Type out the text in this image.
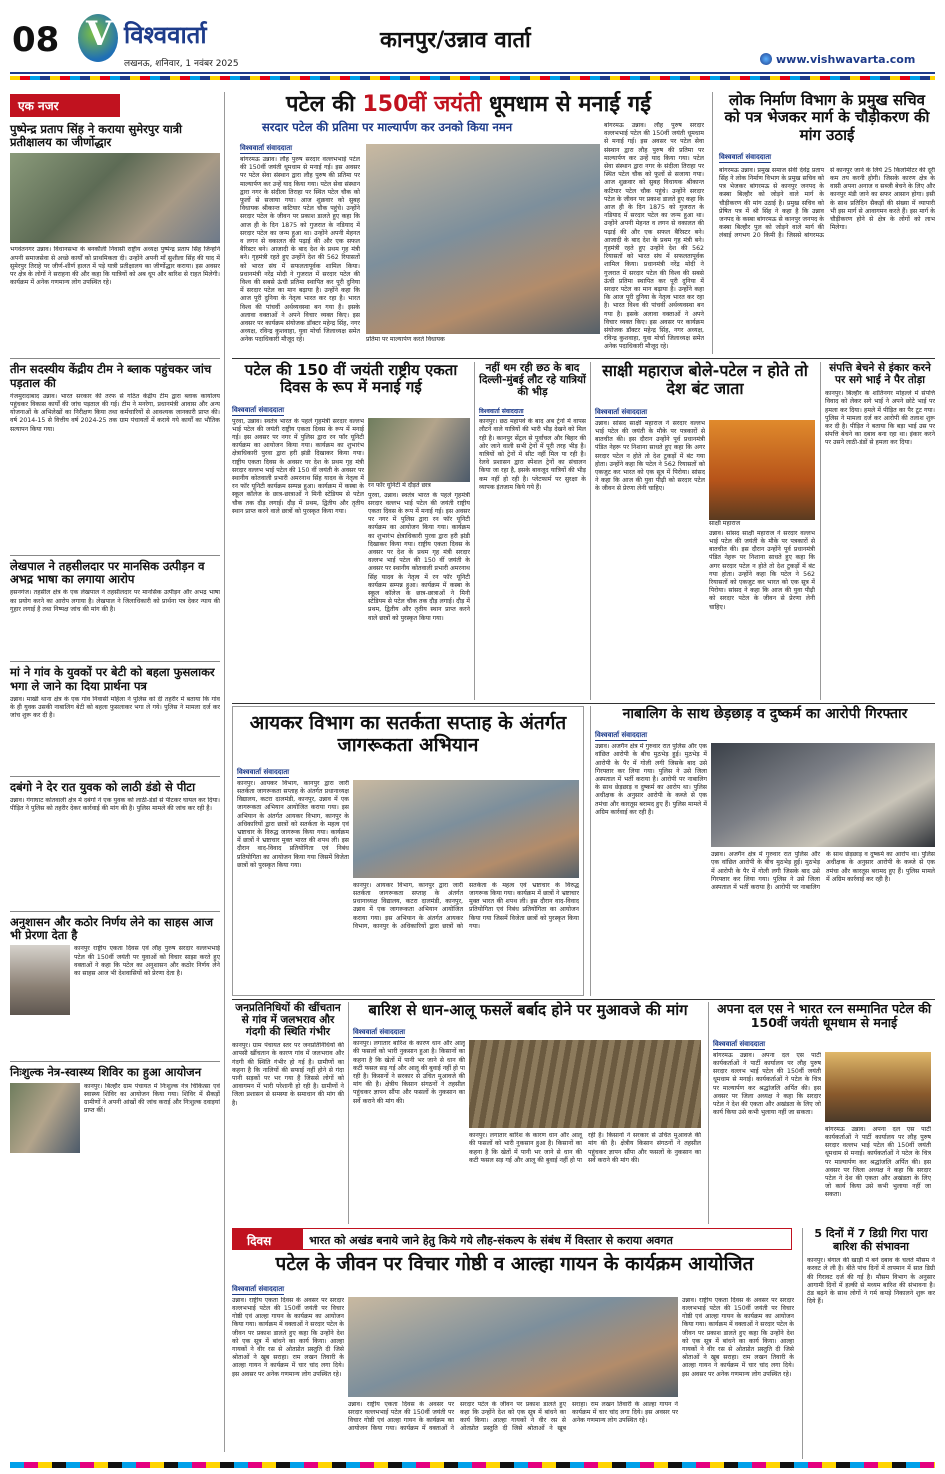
08 V विश्ववार्ता
लखनऊ, शनिवार, 1 नवंबर 2025
कानपुर/उन्नाव वार्ता
www.vishwavarta.com
एक नजर
पुष्पेन्द्र प्रताप सिंह ने कराया सुमेरपुर यात्री प्रतीक्षालय का जीर्णोद्धार
भगवंतनगर उन्नाव। विधानसभा के बनकौली निवासी राष्ट्रीय अध्यक्ष पुष्पेन्द्र प्रताप सिंह जिन्होंने अपनी समाजसेवा से अच्छे कार्यों को प्राथमिकता दी। उन्होंने अपनी माँ सुशीला सिंह की याद में सुमेरपुर तिराहे पर जीर्ण-शीर्ण हालत में पड़े यात्री प्रतीक्षालय का जीर्णोद्धार कराया। इस अवसर पर क्षेत्र के लोगों ने सराहना की और कहा कि यात्रियों को अब धूप और बारिश से राहत मिलेगी। कार्यक्रम में अनेक गणमान्य लोग उपस्थित रहे।
तीन सदस्यीय केंद्रीय टीम ने ब्लाक पहुंचकर जांच पड़ताल की
गंजमुरादाबाद उन्नाव। भारत सरकार की तरफ से गठित केंद्रीय टीम द्वारा ब्लाक कार्यालय पहुंचकर विकास कार्यों की जांच पड़ताल की गई। टीम ने मनरेगा, प्रधानमंत्री आवास और अन्य योजनाओं के अभिलेखों का निरीक्षण किया तथा कर्मचारियों से आवश्यक जानकारी प्राप्त की। वर्ष 2014-15 से वित्तीय वर्ष 2024-25 तक ग्राम पंचायतों में कराये गये कार्यों का भौतिक सत्यापन किया गया।
लेखपाल ने तहसीलदार पर मानसिक उत्पीड़न व अभद्र भाषा का लगाया आरोप
हसनगंज। तहसील क्षेत्र के एक लेखपाल ने तहसीलदार पर मानसिक उत्पीड़न और अभद्र भाषा का प्रयोग करने का आरोप लगाया है। लेखपाल ने जिलाधिकारी को प्रार्थना पत्र देकर न्याय की गुहार लगाई है तथा निष्पक्ष जांच की मांग की है।
मां ने गांव के युवकों पर बेटी को बहला फुसलाकर भगा ले जाने का दिया प्रार्थना पत्र
उन्नाव। माखी थाना क्षेत्र के एक गांव निवासी महिला ने पुलिस को दी तहरीर में बताया कि गांव के ही युवक उसकी नाबालिग बेटी को बहला फुसलाकर भगा ले गये। पुलिस ने मामला दर्ज कर जांच शुरू कर दी है।
दबंगो ने देर रात युवक को लाठी डंडो से पीटा
उन्नाव। गंगाघाट कोतवाली क्षेत्र में दबंगों ने एक युवक को लाठी-डंडों से पीटकर घायल कर दिया। पीड़ित ने पुलिस को तहरीर देकर कार्रवाई की मांग की है। पुलिस मामले की जांच कर रही है।
अनुशासन और कठोर निर्णय लेने का साहस आज भी प्रेरणा देता है
कानपुर राष्ट्रीय एकता दिवस एवं लौह पुरुष सरदार वल्लभभाई पटेल की 150वीं जयंती पर युवाओं को विचार साझा करते हुए वक्ताओं ने कहा कि पटेल का अनुशासन और कठोर निर्णय लेने का साहस आज भी देशवासियों को प्रेरणा देता है।
निःशुल्क नेत्र-स्वास्थ्य शिविर का हुआ आयोजन
कानपुर। बिल्हौर ग्राम पंचायत में निःशुल्क नेत्र चिकित्सा एवं स्वास्थ्य शिविर का आयोजन किया गया। शिविर में सैकड़ों ग्रामीणों ने अपनी आंखों की जांच कराई और निःशुल्क दवाइयां प्राप्त कीं।
पटेल की 150वीं जयंती धूमधाम से मनाई गई
सरदार पटेल की प्रतिमा पर माल्यार्पण कर उनको किया नमन
विश्ववार्ता संवाददाता
बांगरमऊ उन्नाव। लौह पुरुष सरदार वल्लभभाई पटेल की 150वीं जयंती धूमधाम से मनाई गई। इस अवसर पर पटेल सेवा संस्थान द्वारा लौह पुरुष की प्रतिमा पर माल्यार्पण कर उन्हें याद किया गया। पटेल सेवा संस्थान द्वारा नगर के संदीला तिराहा पर स्थित पटेल चौक को फूलों से सजाया गया। आज शुक्रवार को सुबह विधायक श्रीकान्त कटियार पटेल चौक पहुंचे। उन्होंने सरदार पटेल के जीवन पर प्रकाश डालते हुए कहा कि आज ही के दिन 1875 को गुजरात के नडियाद में सरदार पटेल का जन्म हुआ था। उन्होंने अपनी मेहनत व लगन से वकालत की पढ़ाई की और एक सफल बैरिस्टर बने। आजादी के बाद देश के प्रथम गृह मंत्री बने। गृहमंत्री रहते हुए उन्होंने देश की 562 रियासतों को भारत संघ में सफलतापूर्वक शामिल किया। प्रधानमंत्री नरेंद्र मोदी ने गुजरात में सरदार पटेल की विश्व की सबसे ऊंची प्रतिमा स्थापित कर पूरी दुनिया में सरदार पटेल का मान बढ़ाया है। उन्होंने कहा कि आज पूरी दुनिया के नेतृत्व भारत कर रहा है। भारत विश्व की पांचवीं अर्थव्यवस्था बन गया है। इसके अलावा वक्ताओं ने अपने विचार व्यक्त किए। इस अवसर पर कार्यक्रम संयोजक डॉक्टर महेन्द्र सिंह, नगर अध्यक्ष, रविन्द्र कुशवाहा, युवा मोर्चा जिलाध्यक्ष समेत अनेक पदाधिकारी मौजूद रहे।	प्रतिमा पर माल्यार्पण करते विधायक
बांगरमऊ उन्नाव। लौह पुरुष सरदार वल्लभभाई पटेल की 150वीं जयंती धूमधाम से मनाई गई। इस अवसर पर पटेल सेवा संस्थान द्वारा लौह पुरुष की प्रतिमा पर माल्यार्पण कर उन्हें याद किया गया। पटेल सेवा संस्थान द्वारा नगर के संदीला तिराहा पर स्थित पटेल चौक को फूलों से सजाया गया। आज शुक्रवार को सुबह विधायक श्रीकान्त कटियार पटेल चौक पहुंचे। उन्होंने सरदार पटेल के जीवन पर प्रकाश डालते हुए कहा कि आज ही के दिन 1875 को गुजरात के नडियाद में सरदार पटेल का जन्म हुआ था। उन्होंने अपनी मेहनत व लगन से वकालत की पढ़ाई की और एक सफल बैरिस्टर बने। आजादी के बाद देश के प्रथम गृह मंत्री बने। गृहमंत्री रहते हुए उन्होंने देश की 562 रियासतों को भारत संघ में सफलतापूर्वक शामिल किया। प्रधानमंत्री नरेंद्र मोदी ने गुजरात में सरदार पटेल की विश्व की सबसे ऊंची प्रतिमा स्थापित कर पूरी दुनिया में सरदार पटेल का मान बढ़ाया है। उन्होंने कहा कि आज पूरी दुनिया के नेतृत्व भारत कर रहा है। भारत विश्व की पांचवीं अर्थव्यवस्था बन गया है। इसके अलावा वक्ताओं ने अपने विचार व्यक्त किए। इस अवसर पर कार्यक्रम संयोजक डॉक्टर महेन्द्र सिंह, नगर अध्यक्ष, रविन्द्र कुशवाहा, युवा मोर्चा जिलाध्यक्ष समेत अनेक पदाधिकारी मौजूद रहे।
लोक निर्माण विभाग के प्रमुख सचिव को पत्र भेजकर मार्ग के चौड़ीकरण की मांग उठाई
विश्ववार्ता संवाददाता
बांगरमऊ उन्नाव। प्रमुख समाज सेवी देवेंद्र प्रताप सिंह ने लोक निर्माण विभाग के प्रमुख सचिव को पत्र भेजकर बांगरमऊ से कानपुर जनपद के कस्बा बिल्हौर को जोड़ने वाले मार्ग के चौड़ीकरण की मांग उठाई है। प्रमुख सचिव को प्रेषित पत्र में श्री सिंह ने कहा है कि उन्नाव जनपद के कस्बा बांगरमऊ से कानपुर जनपद के कस्बा बिल्हौर पुल को जोड़ने वाले मार्ग की लंबाई लगभग 20 किमी है। जिससे बांगरमऊ से कानपुर जाने के लिये 25 किलोमीटर की दूरी कम तय करनी होगी। जिसके कारण क्षेत्र के वासी अपना अनाज व सब्जी बेचने के लिए और कानपुर मंडी जाने का सफर आसान होगा। इसी के साथ प्रतिदिन सैकड़ों की संख्या में व्यापारी भी इस मार्ग से आवागमन करते हैं। इस मार्ग के चौड़ीकरण होने से क्षेत्र के लोगों को लाभ मिलेगा।
पटेल की 150 वीं जयंती राष्ट्रीय एकता दिवस के रूप में मनाई गई
विश्ववार्ता संवाददाता
पुरवा, उन्नाव। स्वतंत्र भारत के पहले गृहमंत्री सरदार वल्लभ भाई पटेल की जयंती राष्ट्रीय एकता दिवस के रूप में मनाई गई। इस अवसर पर नगर में पुलिस द्वारा रन फॉर यूनिटी कार्यक्रम का आयोजन किया गया। कार्यक्रम का शुभारंभ क्षेत्राधिकारी पुरवा द्वारा हरी झंडी दिखाकर किया गया। राष्ट्रीय एकता दिवस के अवसर पर देश के प्रथम गृह मंत्री सरदार वल्लभ भाई पटेल की 150 वीं जयंती के अवसर पर स्थानीय कोतवाली प्रभारी अमरनाथ सिंह यादव के नेतृत्व में रन फॉर यूनिटी कार्यक्रम सम्पन्न हुआ। कार्यक्रम में कस्बा के स्कूल कॉलेज के छात्र-छात्राओं ने मिनी स्टेडियम से पटेल चौक तक दौड़ लगाई। दौड़ में प्रथम, द्वितीय और तृतीय स्थान प्राप्त करने वाले छात्रों को पुरस्कृत किया गया।
रन फॉर यूनिटी में दौड़ते छात्र
पुरवा, उन्नाव। स्वतंत्र भारत के पहले गृहमंत्री सरदार वल्लभ भाई पटेल की जयंती राष्ट्रीय एकता दिवस के रूप में मनाई गई। इस अवसर पर नगर में पुलिस द्वारा रन फॉर यूनिटी कार्यक्रम का आयोजन किया गया। कार्यक्रम का शुभारंभ क्षेत्राधिकारी पुरवा द्वारा हरी झंडी दिखाकर किया गया। राष्ट्रीय एकता दिवस के अवसर पर देश के प्रथम गृह मंत्री सरदार वल्लभ भाई पटेल की 150 वीं जयंती के अवसर पर स्थानीय कोतवाली प्रभारी अमरनाथ सिंह यादव के नेतृत्व में रन फॉर यूनिटी कार्यक्रम सम्पन्न हुआ। कार्यक्रम में कस्बा के स्कूल कॉलेज के छात्र-छात्राओं ने मिनी स्टेडियम से पटेल चौक तक दौड़ लगाई। दौड़ में प्रथम, द्वितीय और तृतीय स्थान प्राप्त करने वाले छात्रों को पुरस्कृत किया गया।
नहीं थम रही छठ के बाद दिल्ली-मुंबई लौट रहे यात्रियों की भीड़
विश्ववार्ता संवाददाता
कानपुर। छठ महापर्व के बाद अब ट्रेनों में वापस लौटने वाले यात्रियों की भारी भीड़ देखने को मिल रही है। कानपुर सेंट्रल से पूर्वांचल और बिहार की ओर जाने वाली सभी ट्रेनों में पूरी तरह भीड़ है। यात्रियों को ट्रेनों में सीट नहीं मिल पा रही है। रेलवे प्रशासन द्वारा स्पेशल ट्रेनों का संचालन किया जा रहा है, इसके बावजूद यात्रियों की भीड़ कम नहीं हो रही है। प्लेटफार्म पर सुरक्षा के व्यापक इंतजाम किये गये हैं।
साक्षी महाराज बोले-पटेल न होते तो देश बंट जाता
विश्ववार्ता संवाददाता
उन्नाव। सांसद साक्षी महाराज ने सरदार वल्लभ भाई पटेल की जयंती के मौके पर पत्रकारों से बातचीत की। इस दौरान उन्होंने पूर्व प्रधानमंत्री पंडित नेहरू पर निशाना साधते हुए कहा कि अगर सरदार पटेल न होते तो देश टुकड़ों में बंट गया होता। उन्होंने कहा कि पटेल ने 562 रियासतों को एकजुट कर भारत को एक सूत्र में पिरोया। सांसद ने कहा कि आज की युवा पीढ़ी को सरदार पटेल के जीवन से प्रेरणा लेनी चाहिए।
साक्षी महाराज
उन्नाव। सांसद साक्षी महाराज ने सरदार वल्लभ भाई पटेल की जयंती के मौके पर पत्रकारों से बातचीत की। इस दौरान उन्होंने पूर्व प्रधानमंत्री पंडित नेहरू पर निशाना साधते हुए कहा कि अगर सरदार पटेल न होते तो देश टुकड़ों में बंट गया होता। उन्होंने कहा कि पटेल ने 562 रियासतों को एकजुट कर भारत को एक सूत्र में पिरोया। सांसद ने कहा कि आज की युवा पीढ़ी को सरदार पटेल के जीवन से प्रेरणा लेनी चाहिए।
संपत्ति बेचने से इंकार करने पर सगे भाई ने पैर तोड़ा
कानपुर। बिल्हौर के शांतिनगर मोहल्ले में संपत्ति विवाद को लेकर सगे भाई ने अपने छोटे भाई पर हमला कर दिया। हमले में पीड़ित का पैर टूट गया। पुलिस ने मामला दर्ज कर आरोपी की तलाश शुरू कर दी है। पीड़ित ने बताया कि बड़ा भाई उस पर संपत्ति बेचने का दबाव बना रहा था। इंकार करने पर उसने लाठी-डंडों से हमला कर दिया।
आयकर विभाग का सतर्कता सप्ताह के अंतर्गत जागरूकता अभियान
विश्ववार्ता संवाददाता
कानपुर। आयकर विभाग, कानपुर द्वारा जारी सतर्कता जागरूकता सप्ताह के अंतर्गत प्रधानाध्यक्ष विद्यालय, कटरा दालमंडी, कानपुर, उन्नाव में एक जागरूकता अभियान आयोजित कराया गया। इस अभियान के अंतर्गत आयकर विभाग, कानपुर के अधिकारियों द्वारा छात्रों को सतर्कता के महत्व एवं भ्रष्टाचार के विरुद्ध जागरूक किया गया। कार्यक्रम में छात्रों ने भ्रष्टाचार मुक्त भारत की शपथ ली। इस दौरान वाद-विवाद प्रतियोगिता एवं निबंध प्रतियोगिता का आयोजन किया गया जिसमें विजेता छात्रों को पुरस्कृत किया गया।
कानपुर। आयकर विभाग, कानपुर द्वारा जारी सतर्कता जागरूकता सप्ताह के अंतर्गत प्रधानाध्यक्ष विद्यालय, कटरा दालमंडी, कानपुर, उन्नाव में एक जागरूकता अभियान आयोजित कराया गया। इस अभियान के अंतर्गत आयकर विभाग, कानपुर के अधिकारियों द्वारा छात्रों को सतर्कता के महत्व एवं भ्रष्टाचार के विरुद्ध जागरूक किया गया। कार्यक्रम में छात्रों ने भ्रष्टाचार मुक्त भारत की शपथ ली। इस दौरान वाद-विवाद प्रतियोगिता एवं निबंध प्रतियोगिता का आयोजन किया गया जिसमें विजेता छात्रों को पुरस्कृत किया गया।
नाबालिग के साथ छेड़छाड़ व दुष्कर्म का आरोपी गिरफ्तार
विश्ववार्ता संवाददाता
उन्नाव। अजगैन क्षेत्र में गुरुवार रात पुलिस और एक वांछित आरोपी के बीच मुठभेड़ हुई। मुठभेड़ में आरोपी के पैर में गोली लगी जिसके बाद उसे गिरफ्तार कर लिया गया। पुलिस ने उसे जिला अस्पताल में भर्ती कराया है। आरोपी पर नाबालिग के साथ छेड़छाड़ व दुष्कर्म का आरोप था। पुलिस अधीक्षक के अनुसार आरोपी के कब्जे से एक तमंचा और कारतूस बरामद हुए हैं। पुलिस मामले में अग्रिम कार्रवाई कर रही है।
उन्नाव। अजगैन क्षेत्र में गुरुवार रात पुलिस और एक वांछित आरोपी के बीच मुठभेड़ हुई। मुठभेड़ में आरोपी के पैर में गोली लगी जिसके बाद उसे गिरफ्तार कर लिया गया। पुलिस ने उसे जिला अस्पताल में भर्ती कराया है। आरोपी पर नाबालिग के साथ छेड़छाड़ व दुष्कर्म का आरोप था। पुलिस अधीक्षक के अनुसार आरोपी के कब्जे से एक तमंचा और कारतूस बरामद हुए हैं। पुलिस मामले में अग्रिम कार्रवाई कर रही है।
जनप्रतिनिधियों की खींचतान से गांव में जलभराव और गंदगी की स्थिति गंभीर
कानपुर। ग्राम पंचायत स्तर पर जनप्रतिनिधियों की आपसी खींचतान के कारण गांव में जलभराव और गंदगी की स्थिति गंभीर हो गई है। ग्रामीणों का कहना है कि नालियों की सफाई नहीं होने से गंदा पानी सड़कों पर भर गया है जिससे लोगों को आवागमन में भारी परेशानी हो रही है। ग्रामीणों ने जिला प्रशासन से समस्या के समाधान की मांग की है।
बारिश से धान-आलू फसलें बर्बाद होने पर मुआवजे की मांग
विश्ववार्ता संवाददाता
कानपुर। लगातार बारिश के कारण धान और आलू की फसलों को भारी नुकसान हुआ है। किसानों का कहना है कि खेतों में पानी भर जाने से धान की कटी फसल सड़ गई और आलू की बुवाई नहीं हो पा रही है। किसानों ने सरकार से उचित मुआवजे की मांग की है। क्षेत्रीय किसान संगठनों ने तहसील पहुंचकर ज्ञापन सौंपा और फसलों के नुकसान का सर्वे कराने की मांग की।
कानपुर। लगातार बारिश के कारण धान और आलू की फसलों को भारी नुकसान हुआ है। किसानों का कहना है कि खेतों में पानी भर जाने से धान की कटी फसल सड़ गई और आलू की बुवाई नहीं हो पा रही है। किसानों ने सरकार से उचित मुआवजे की मांग की है। क्षेत्रीय किसान संगठनों ने तहसील पहुंचकर ज्ञापन सौंपा और फसलों के नुकसान का सर्वे कराने की मांग की।
अपना दल एस ने भारत रत्न सम्मानित पटेल की 150वीं जयंती धूमधाम से मनाई
विश्ववार्ता संवाददाता
बांगरमऊ उन्नाव। अपना दल एस पार्टी कार्यकर्ताओं ने पार्टी कार्यालय पर लौह पुरुष सरदार वल्लभ भाई पटेल की 150वीं जयंती धूमधाम से मनाई। कार्यकर्ताओं ने पटेल के चित्र पर माल्यार्पण कर श्रद्धांजलि अर्पित की। इस अवसर पर जिला अध्यक्ष ने कहा कि सरदार पटेल ने देश की एकता और अखंडता के लिए जो कार्य किया उसे कभी भुलाया नहीं जा सकता।
बांगरमऊ उन्नाव। अपना दल एस पार्टी कार्यकर्ताओं ने पार्टी कार्यालय पर लौह पुरुष सरदार वल्लभ भाई पटेल की 150वीं जयंती धूमधाम से मनाई। कार्यकर्ताओं ने पटेल के चित्र पर माल्यार्पण कर श्रद्धांजलि अर्पित की। इस अवसर पर जिला अध्यक्ष ने कहा कि सरदार पटेल ने देश की एकता और अखंडता के लिए जो कार्य किया उसे कभी भुलाया नहीं जा सकता।
दिवस	भारत को अखंड बनाये जाने हेतु किये गये लौह-संकल्प के संबंध में विस्तार से कराया अवगत
पटेल के जीवन पर विचार गोष्ठी व आल्हा गायन के कार्यक्रम आयोजित
विश्ववार्ता संवाददाता
उन्नाव। राष्ट्रीय एकता दिवस के अवसर पर सरदार वल्लभभाई पटेल की 150वीं जयंती पर विचार गोष्ठी एवं आल्हा गायन के कार्यक्रम का आयोजन किया गया। कार्यक्रम में वक्ताओं ने सरदार पटेल के जीवन पर प्रकाश डालते हुए कहा कि उन्होंने देश को एक सूत्र में बांधने का कार्य किया। आल्हा गायकों ने वीर रस से ओतप्रोत प्रस्तुति दी जिसे श्रोताओं ने खूब सराहा। राम लखन तिवारी के आल्हा गायन ने कार्यक्रम में चार चांद लगा दिये। इस अवसर पर अनेक गणमान्य लोग उपस्थित रहे।
उन्नाव। राष्ट्रीय एकता दिवस के अवसर पर सरदार वल्लभभाई पटेल की 150वीं जयंती पर विचार गोष्ठी एवं आल्हा गायन के कार्यक्रम का आयोजन किया गया। कार्यक्रम में वक्ताओं ने सरदार पटेल के जीवन पर प्रकाश डालते हुए कहा कि उन्होंने देश को एक सूत्र में बांधने का कार्य किया। आल्हा गायकों ने वीर रस से ओतप्रोत प्रस्तुति दी जिसे श्रोताओं ने खूब सराहा। राम लखन तिवारी के आल्हा गायन ने कार्यक्रम में चार चांद लगा दिये। इस अवसर पर अनेक गणमान्य लोग उपस्थित रहे।
उन्नाव। राष्ट्रीय एकता दिवस के अवसर पर सरदार वल्लभभाई पटेल की 150वीं जयंती पर विचार गोष्ठी एवं आल्हा गायन के कार्यक्रम का आयोजन किया गया। कार्यक्रम में वक्ताओं ने सरदार पटेल के जीवन पर प्रकाश डालते हुए कहा कि उन्होंने देश को एक सूत्र में बांधने का कार्य किया। आल्हा गायकों ने वीर रस से ओतप्रोत प्रस्तुति दी जिसे श्रोताओं ने खूब सराहा। राम लखन तिवारी के आल्हा गायन ने कार्यक्रम में चार चांद लगा दिये। इस अवसर पर अनेक गणमान्य लोग उपस्थित रहे।
5 दिनों में 7 डिग्री गिरा पारा बारिश की संभावना
कानपुर। बंगाल की खाड़ी में बने दबाव के चलते मौसम ने करवट ले ली है। बीते पांच दिनों में तापमान में सात डिग्री की गिरावट दर्ज की गई है। मौसम विभाग के अनुसार आगामी दिनों में हल्की से मध्यम बारिश की संभावना है। ठंड बढ़ने के साथ लोगों ने गर्म कपड़े निकालने शुरू कर दिये हैं।
